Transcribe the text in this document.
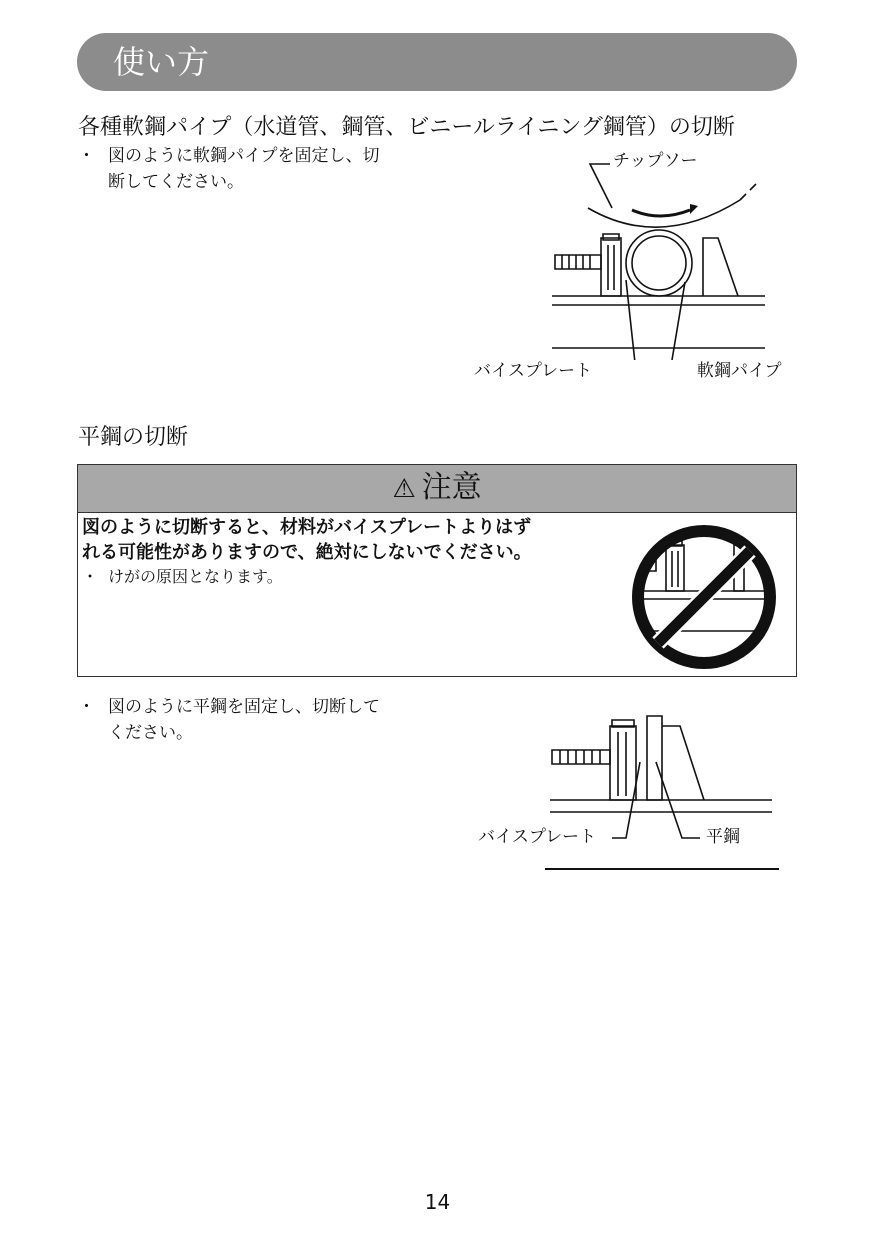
使い方
各種軟鋼パイプ（水道管、鋼管、ビニールライニング鋼管）の切断
・ 図のように軟鋼パイプを固定し、切
断してください。
チップソー
バイスプレート	軟鋼パイプ
平鋼の切断
⚠ 注意
図のように切断すると、材料がバイスプレートよりはず
れる可能性がありますので、絶対にしないでください。
・ けがの原因となります。
・ 図のように平鋼を固定し、切断して
ください。
バイスプレート	平鋼
14
